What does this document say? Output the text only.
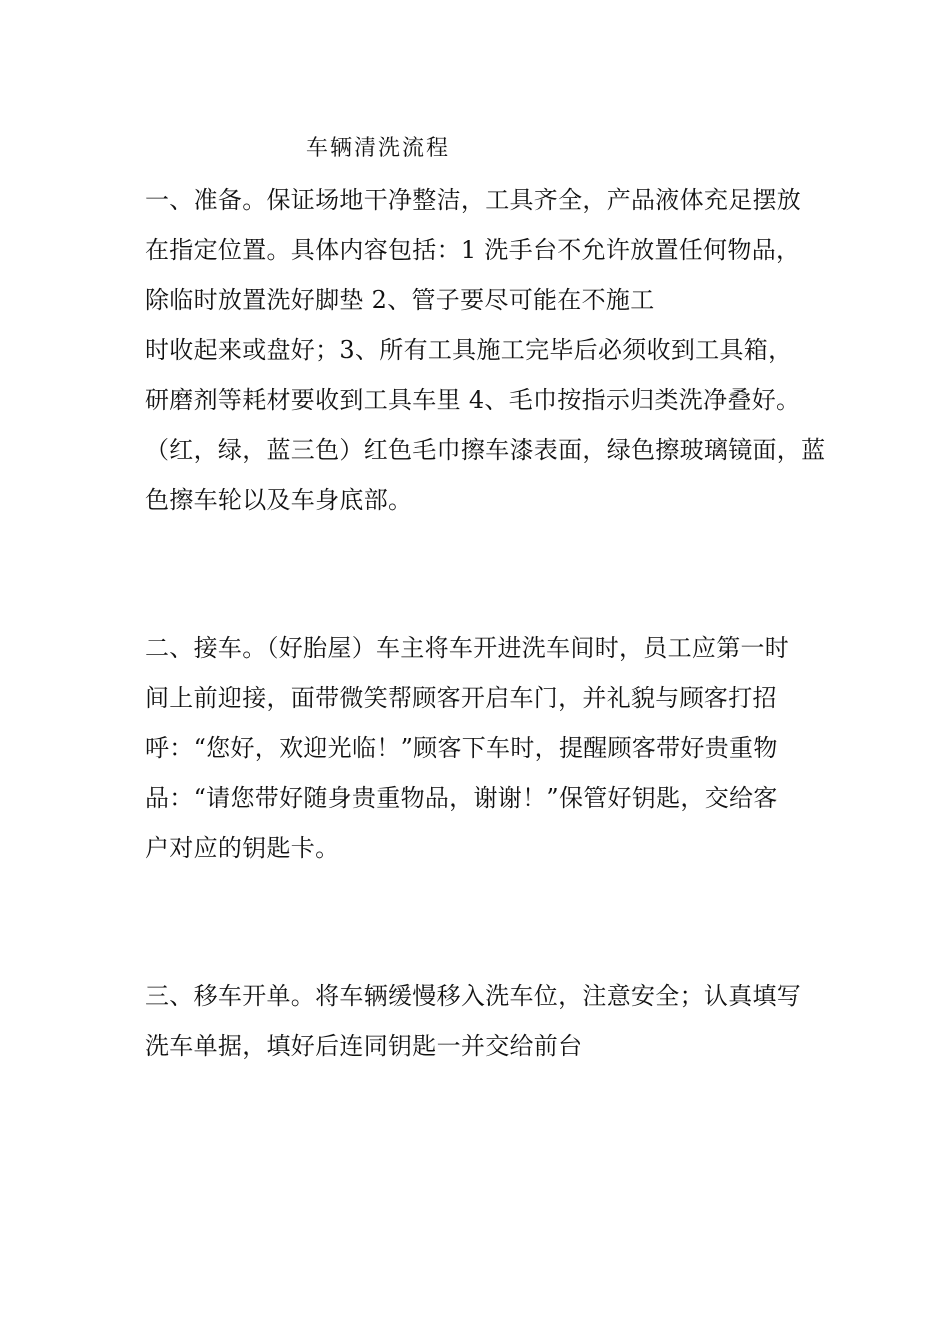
车辆清洗流程
一、准备。保证场地干净整洁，工具齐全，产品液体充足摆放
在指定位置。具体内容包括：1 洗手台不允许放置任何物品，
除临时放置洗好脚垫 2、管子要尽可能在不施工
时收起来或盘好；3、所有工具施工完毕后必须收到工具箱，
研磨剂等耗材要收到工具车里 4、毛巾按指示归类洗净叠好。
（红，绿，蓝三色）红色毛巾擦车漆表面，绿色擦玻璃镜面，蓝
色擦车轮以及车身底部。
二、接车。（好胎屋）车主将车开进洗车间时，员工应第一时
间上前迎接，面带微笑帮顾客开启车门，并礼貌与顾客打招
呼：“您好，欢迎光临！”顾客下车时，提醒顾客带好贵重物
品：“请您带好随身贵重物品，谢谢！”保管好钥匙，交给客
户对应的钥匙卡。
三、移车开单。将车辆缓慢移入洗车位，注意安全；认真填写
洗车单据，填好后连同钥匙一并交给前台
